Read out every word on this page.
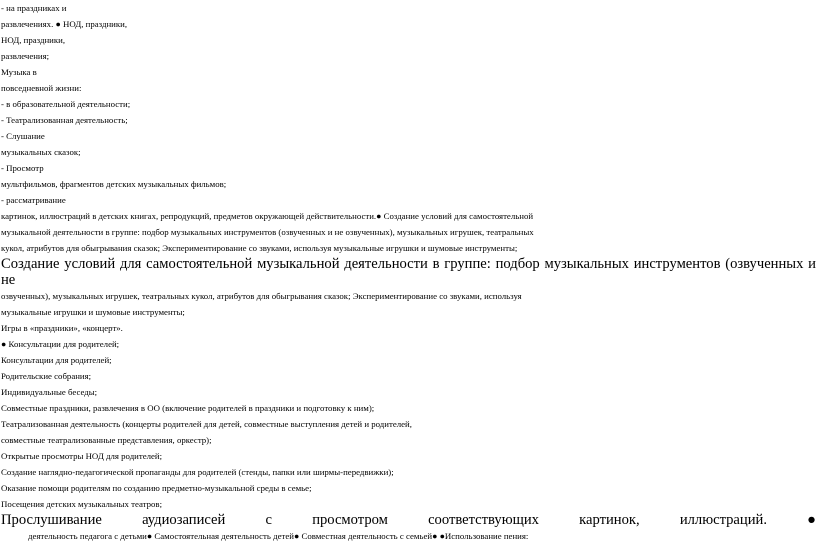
- на праздниках и
развлечениях. ● НОД, праздники,
НОД, праздники,
развлечения;
Музыка в
повседневной жизни:
- в образовательной деятельности;
- Театрализованная деятельность;
- Слушание
музыкальных сказок;
- Просмотр
мультфильмов, фрагментов детских музыкальных фильмов;
- рассматривание
картинок, иллюстраций в детских книгах, репродукций, предметов окружающей действительности.● Создание условий для самостоятельной
музыкальной деятельности в группе: подбор музыкальных инструментов (озвученных и не озвученных), музыкальных игрушек, театральных
кукол, атрибутов для обыгрывания сказок; Экспериментирование со звуками, используя музыкальные игрушки и шумовые инструменты;
Создание условий для самостоятельной музыкальной деятельности в группе: подбор музыкальных инструментов (озвученных и не
озвученных), музыкальных игрушек, театральных кукол, атрибутов для обыгрывания сказок; Экспериментирование со звуками, используя
музыкальные игрушки и шумовые инструменты;
Игры в «праздники», «концерт».
● Консультации для родителей;
Консультации для родителей;
Родительские собрания;
Индивидуальные беседы;
Совместные праздники, развлечения в ОО (включение родителей в праздники и подготовку к ним);
Театрализованная деятельность (концерты родителей для детей, совместные выступления детей и родителей,
совместные театрализованные представления, оркестр);
Открытые просмотры НОД для родителей;
Создание наглядно-педагогической пропаганды для родителей (стенды, папки или ширмы-передвижки);
Оказание помощи родителям по созданию предметно-музыкальной среды в семье;
Посещения детских музыкальных театров;
Прослушивание аудиозаписей с просмотром соответствующих картинок, иллюстраций. ●
деятельность педагога с детьми● Самостоятельная деятельность детей● Совместная деятельность с семьей● ●Использование пения:
